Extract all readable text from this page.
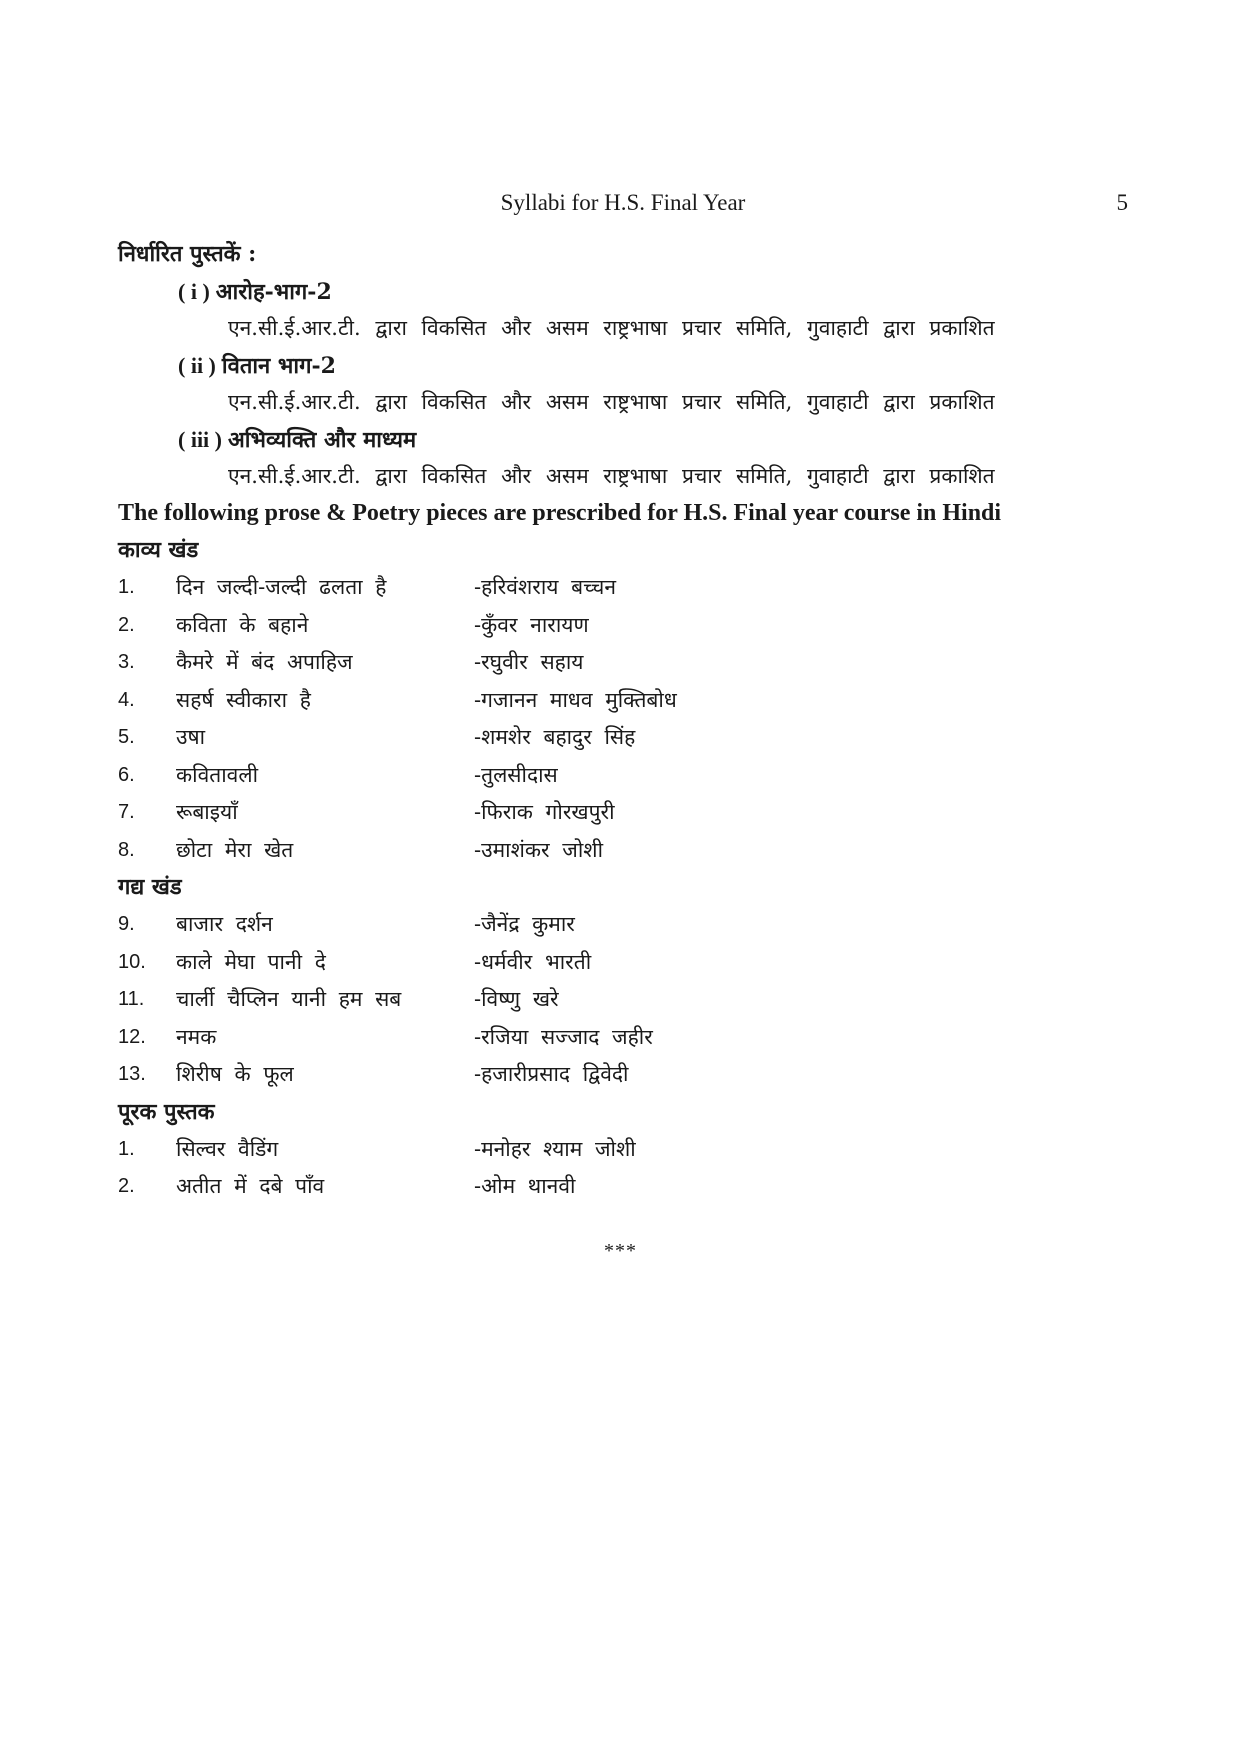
Syllabi for H.S. Final Year	5
निर्धारित पुस्तकें :
( i ) आरोह-भाग-2
एन.सी.ई.आर.टी. द्वारा विकसित और असम राष्ट्रभाषा प्रचार समिति, गुवाहाटी द्वारा प्रकाशित
( ii ) वितान भाग-2
एन.सी.ई.आर.टी. द्वारा विकसित और असम राष्ट्रभाषा प्रचार समिति, गुवाहाटी द्वारा प्रकाशित
( iii ) अभिव्यक्ति और माध्यम
एन.सी.ई.आर.टी. द्वारा विकसित और असम राष्ट्रभाषा प्रचार समिति, गुवाहाटी द्वारा प्रकाशित
The following prose & Poetry pieces are prescribed for H.S. Final year course in Hindi
काव्य खंड
1.	दिन जल्दी-जल्दी ढलता है	-हरिवंशराय बच्चन
2.	कविता के बहाने	-कुँवर नारायण
3.	कैमरे में बंद अपाहिज	-रघुवीर सहाय
4.	सहर्ष स्वीकारा है	-गजानन माधव मुक्तिबोध
5.	उषा	-शमशेर बहादुर सिंह
6.	कवितावली	-तुलसीदास
7.	रूबाइयाँ	-फिराक गोरखपुरी
8.	छोटा मेरा खेत	-उमाशंकर जोशी
गद्य खंड
9.	बाजार दर्शन	-जैनेंद्र कुमार
10.	काले मेघा पानी दे	-धर्मवीर भारती
11.	चार्ली चैप्लिन यानी हम सब	-विष्णु खरे
12.	नमक	-रजिया सज्जाद जहीर
13.	शिरीष के फूल	-हजारीप्रसाद द्विवेदी
पूरक पुस्तक
1.	सिल्वर वैडिंग	-मनोहर श्याम जोशी
2.	अतीत में दबे पाँव	-ओम थानवी
***
